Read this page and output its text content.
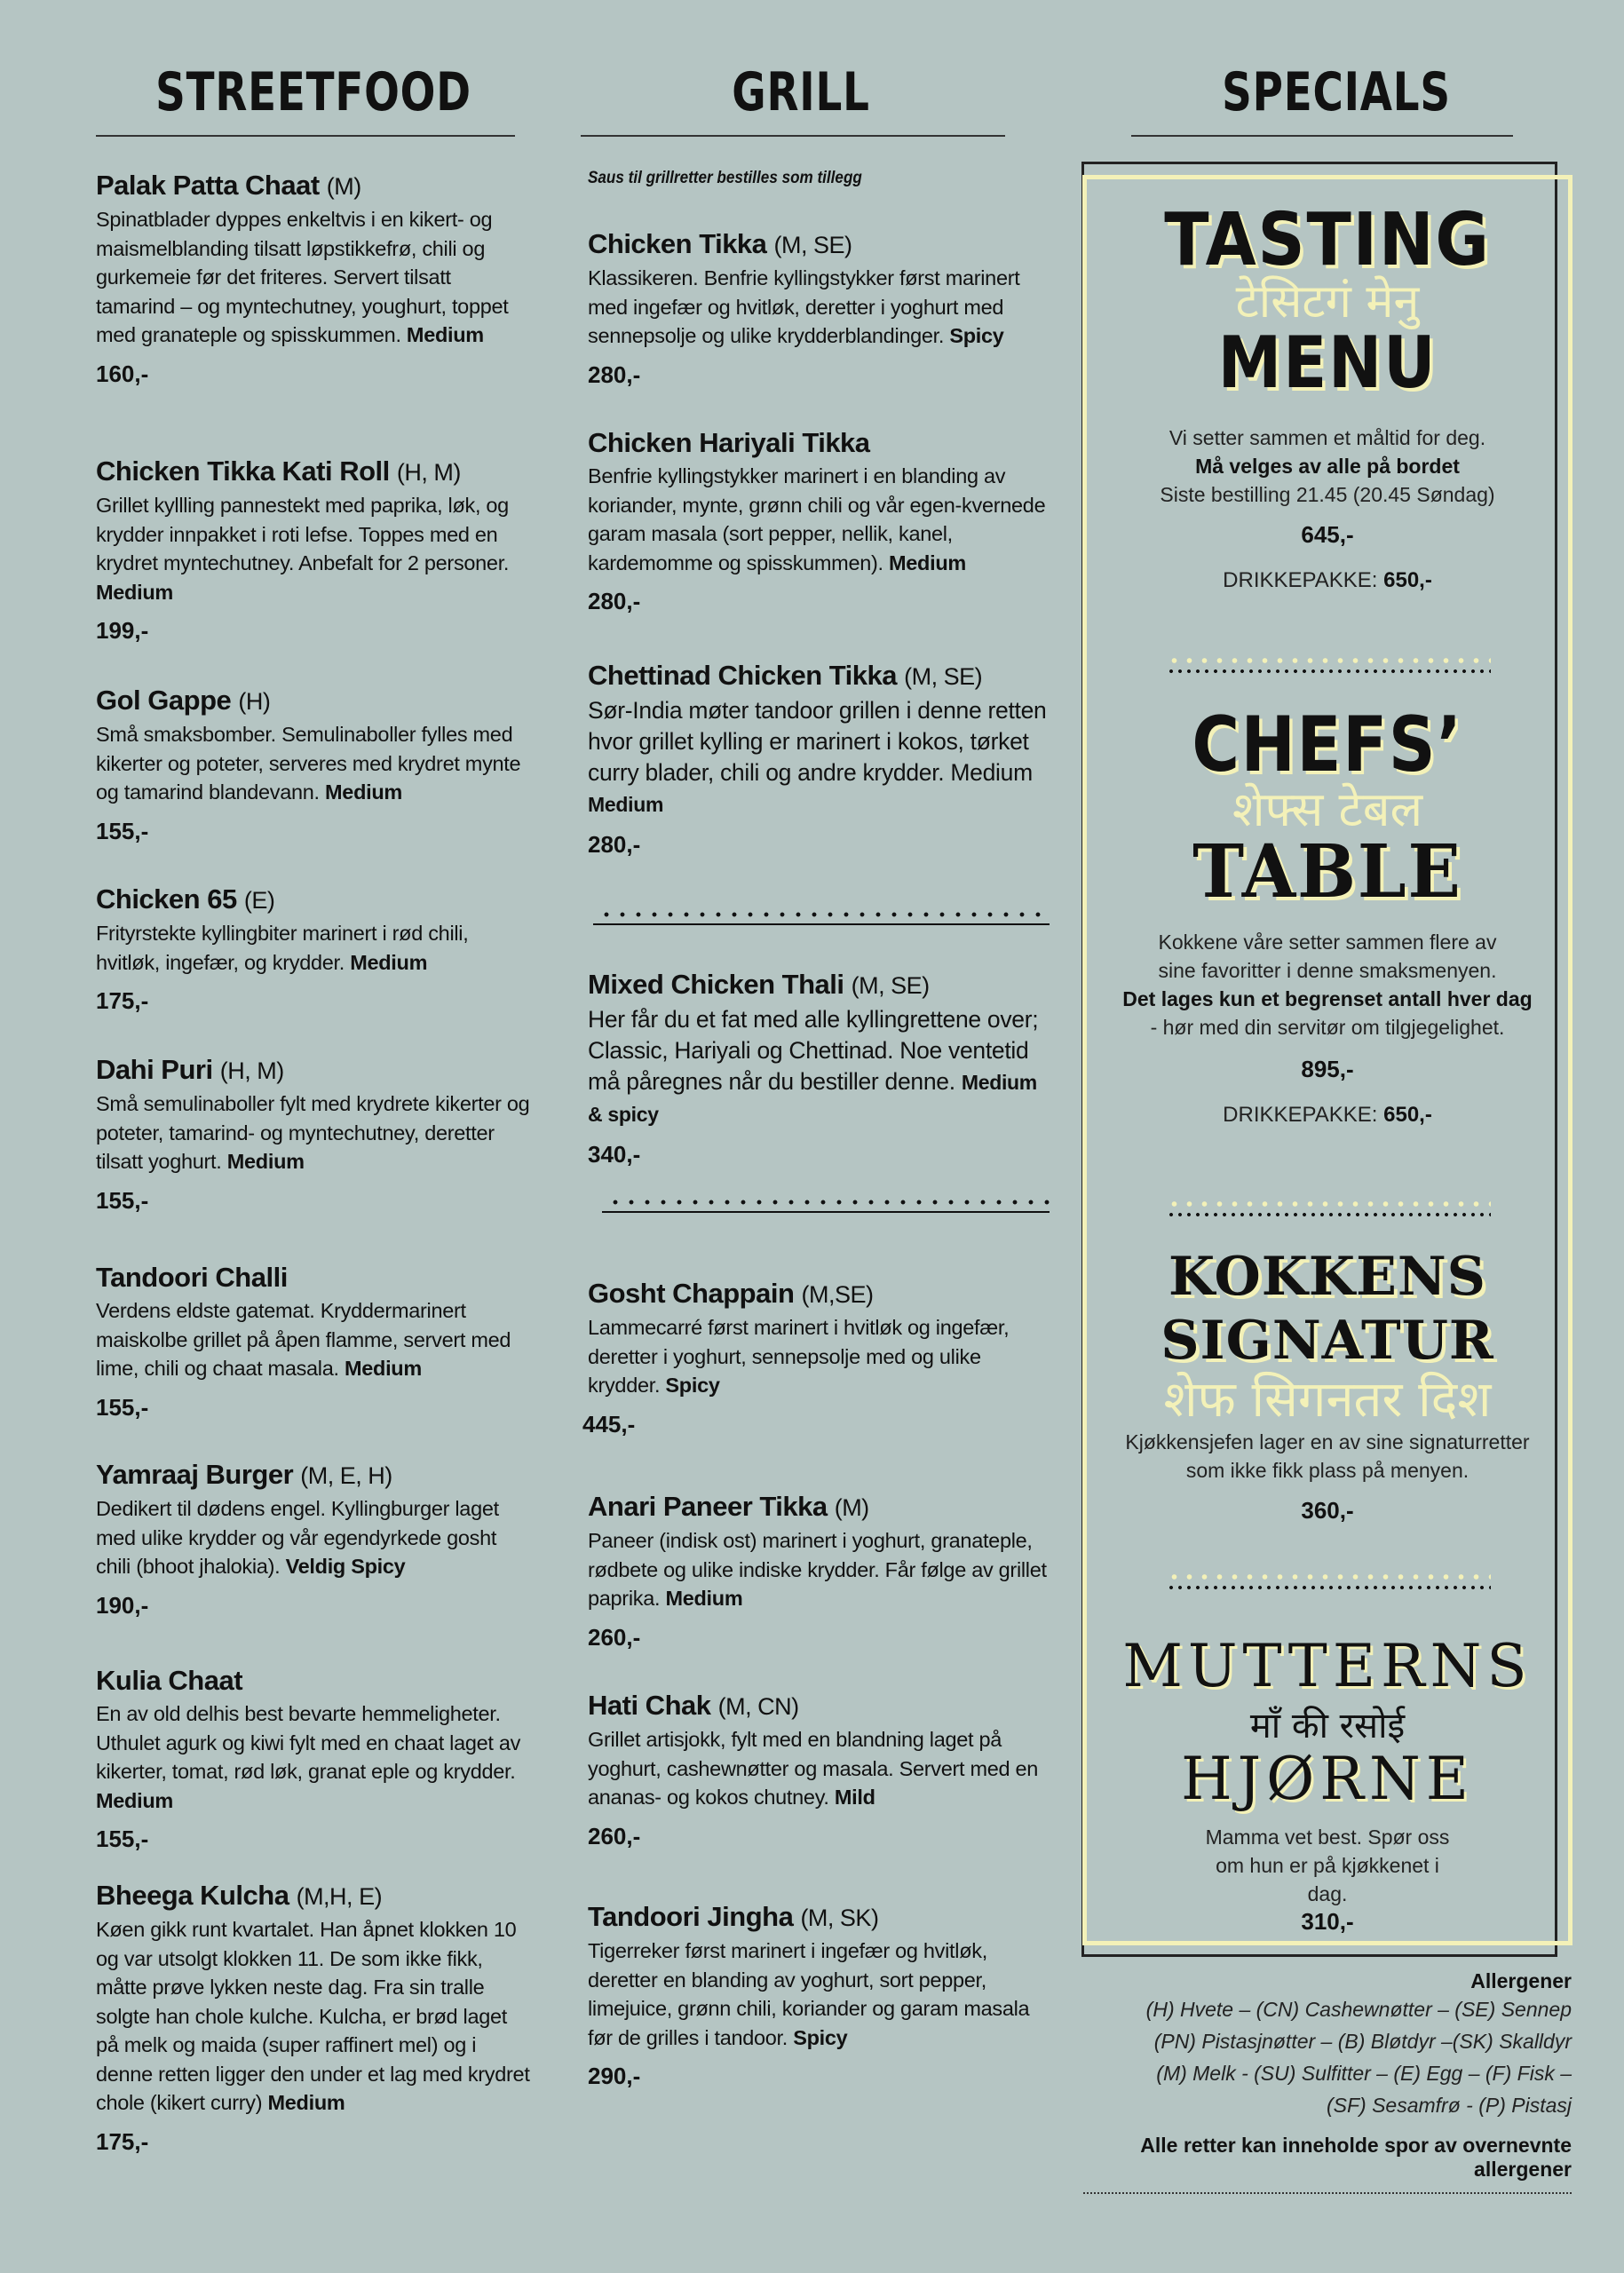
STREETFOOD
Palak Patta Chaat (M)
Spinatblader dyppes enkeltvis i en kikert- og maismelblanding tilsatt løpstikkefrø, chili og gurkemeie før det friteres. Servert tilsatt tamarind – og myntechutney, youghurt, toppet med granateple og spisskummen. Medium
160,-
Chicken Tikka Kati Roll (H, M)
Grillet kyllling pannestekt med paprika, løk, og krydder innpakket i roti lefse. Toppes med en krydret myntechutney. Anbefalt for 2 personer. Medium
199,-
Gol Gappe (H)
Små smaksbomber. Semulinaboller fylles med kikerter og poteter, serveres med krydret mynte og tamarind blandevann. Medium
155,-
Chicken 65 (E)
Frityrstekte kyllingbiter marinert i rød chili, hvitløk, ingefær, og krydder. Medium
175,-
Dahi Puri (H, M)
Små semulinaboller fylt med krydrete kikerter og poteter, tamarind- og myntechutney, deretter tilsatt yoghurt. Medium
155,-
Tandoori Challi
Verdens eldste gatemat. Kryddermarinert maiskolbe grillet på åpen flamme, servert med lime, chili og chaat masala. Medium
155,-
Yamraaj Burger (M, E, H)
Dedikert til dødens engel. Kyllingburger laget med ulike krydder og vår egendyrkede gosht chili (bhoot jhalokia). Veldig Spicy
190,-
Kulia Chaat
En av old delhis best bevarte hemmeligheter. Uthulet agurk og kiwi fylt med en chaat laget av kikerter, tomat, rød løk, granat eple og krydder. Medium
155,-
Bheega Kulcha (M,H, E)
Køen gikk runt kvartalet. Han åpnet klokken 10 og var utsolgt klokken 11. De som ikke fikk, måtte prøve lykken neste dag. Fra sin tralle solgte han chole kulche. Kulcha, er brød laget på melk og maida (super raffinert mel) og i denne retten ligger den under et lag med krydret chole (kikert curry) Medium
175,-
GRILL
Saus til grillretter bestilles som tillegg
Chicken Tikka (M, SE)
Klassikeren. Benfrie kyllingstykker først marinert med ingefær og hvitløk, deretter i yoghurt med sennepsolje og ulike krydderblandinger. Spicy
280,-
Chicken Hariyali Tikka
Benfrie kyllingstykker marinert i en blanding av koriander, mynte, grønn chili og vår egen-kvernede garam masala (sort pepper, nellik, kanel, kardemomme og spisskummen). Medium
280,-
Chettinad Chicken Tikka (M, SE)
Sør-India møter tandoor grillen i denne retten hvor grillet kylling er marinert i kokos, tørket curry blader, chili og andre krydder. Medium Medium
280,-
Mixed Chicken Thali (M, SE)
Her får du et fat med alle kyllingrettene over; Classic, Hariyali og Chettinad. Noe ventetid må påregnes når du bestiller denne. Medium & spicy
340,-
Gosht Chappain (M,SE)
Lammecarré først marinert i hvitløk og ingefær, deretter i yoghurt, sennepsolje med og ulike krydder. Spicy
445,-
Anari Paneer Tikka (M)
Paneer (indisk ost) marinert i yoghurt, granateple, rødbete og ulike indiske krydder. Får følge av grillet paprika. Medium
260,-
Hati Chak (M, CN)
Grillet artisjokk, fylt med en blandning laget på yoghurt, cashewnøtter og masala. Servert med en ananas- og kokos chutney. Mild
260,-
Tandoori Jingha (M, SK)
Tigerreker først marinert i ingefær og hvitløk, deretter en blanding av yoghurt, sort pepper, limejuice, grønn chili, koriander og garam masala før de grilles i tandoor. Spicy
290,-
SPECIALS
TASTING
टेसिटगं मेनु
MENU
Vi setter sammen et måltid for deg.
Må velges av alle på bordet
Siste bestilling 21.45 (20.45 Søndag)
645,-
DRIKKEPAKKE: 650,-
CHEFS’
शेफ्स टेबल
TABLE
Kokkene våre setter sammen flere av sine favoritter i denne smaksmenyen.
Det lages kun et begrenset antall hver dag - hør med din servitør om tilgjegelighet.
895,-
DRIKKEPAKKE: 650,-
KOKKENS
SIGNATUR
शेफ सिगनतर दिश
Kjøkkensjefen lager en av sine signaturretter som ikke fikk plass på menyen.
360,-
MUTTERNS
माँ की रसोई
HJØRNE
Mamma vet best. Spør oss om hun er på kjøkkenet i dag.
310,-
Allergener
(H) Hvete – (CN) Cashewnøtter – (SE) Sennep
(PN) Pistasjnøtter – (B) Bløtdyr –(SK) Skalldyr
(M) Melk - (SU) Sulfitter – (E) Egg – (F) Fisk –
(SF) Sesamfrø - (P) Pistasj
Alle retter kan inneholde spor av overnevnte allergener
